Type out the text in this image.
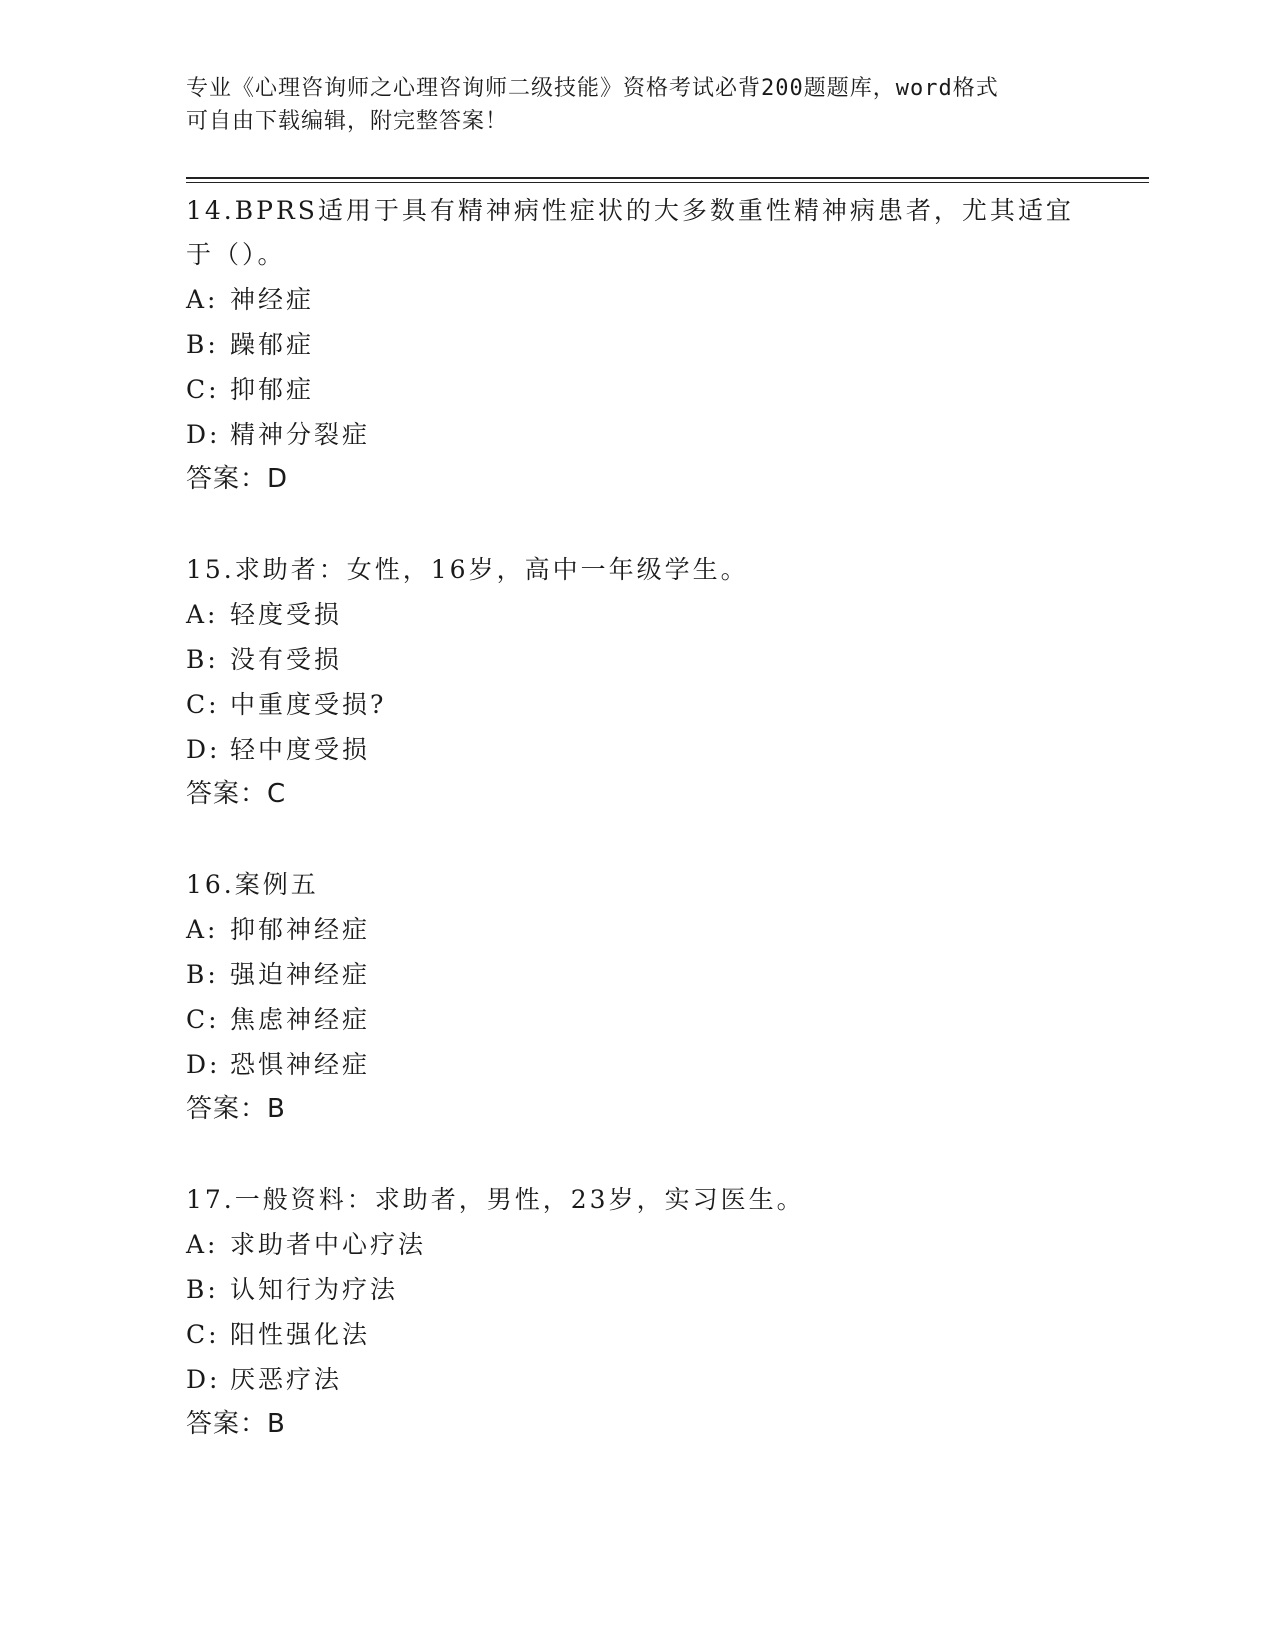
专业《心理咨询师之心理咨询师二级技能》资格考试必背200题题库，word格式
可自由下载编辑，附完整答案！
14.BPRS适用于具有精神病性症状的大多数重性精神病患者，尤其适宜于（）。
A: 神经症
B: 躁郁症
C: 抑郁症
D: 精神分裂症
答案：D
15.求助者：女性，16岁，高中一年级学生。
A: 轻度受损
B: 没有受损
C: 中重度受损?
D: 轻中度受损
答案：C
16.案例五
A: 抑郁神经症
B: 强迫神经症
C: 焦虑神经症
D: 恐惧神经症
答案：B
17.一般资料：求助者，男性，23岁，实习医生。
A: 求助者中心疗法
B: 认知行为疗法
C: 阳性强化法
D: 厌恶疗法
答案：B
